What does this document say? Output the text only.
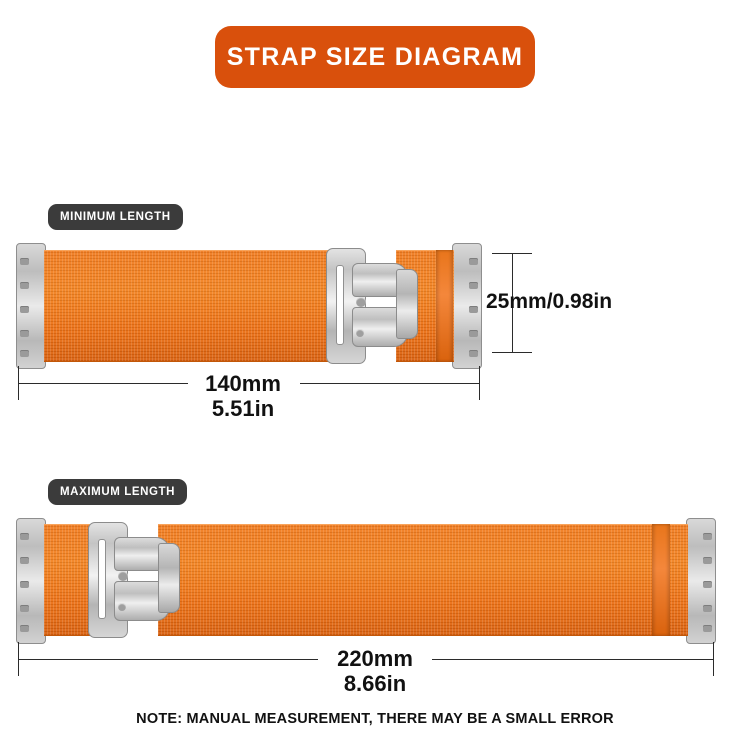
STRAP SIZE DIAGRAM
MINIMUM LENGTH
25mm/0.98in
140mm
5.51in
MAXIMUM LENGTH
220mm
8.66in
NOTE: MANUAL MEASUREMENT, THERE MAY BE A SMALL ERROR
